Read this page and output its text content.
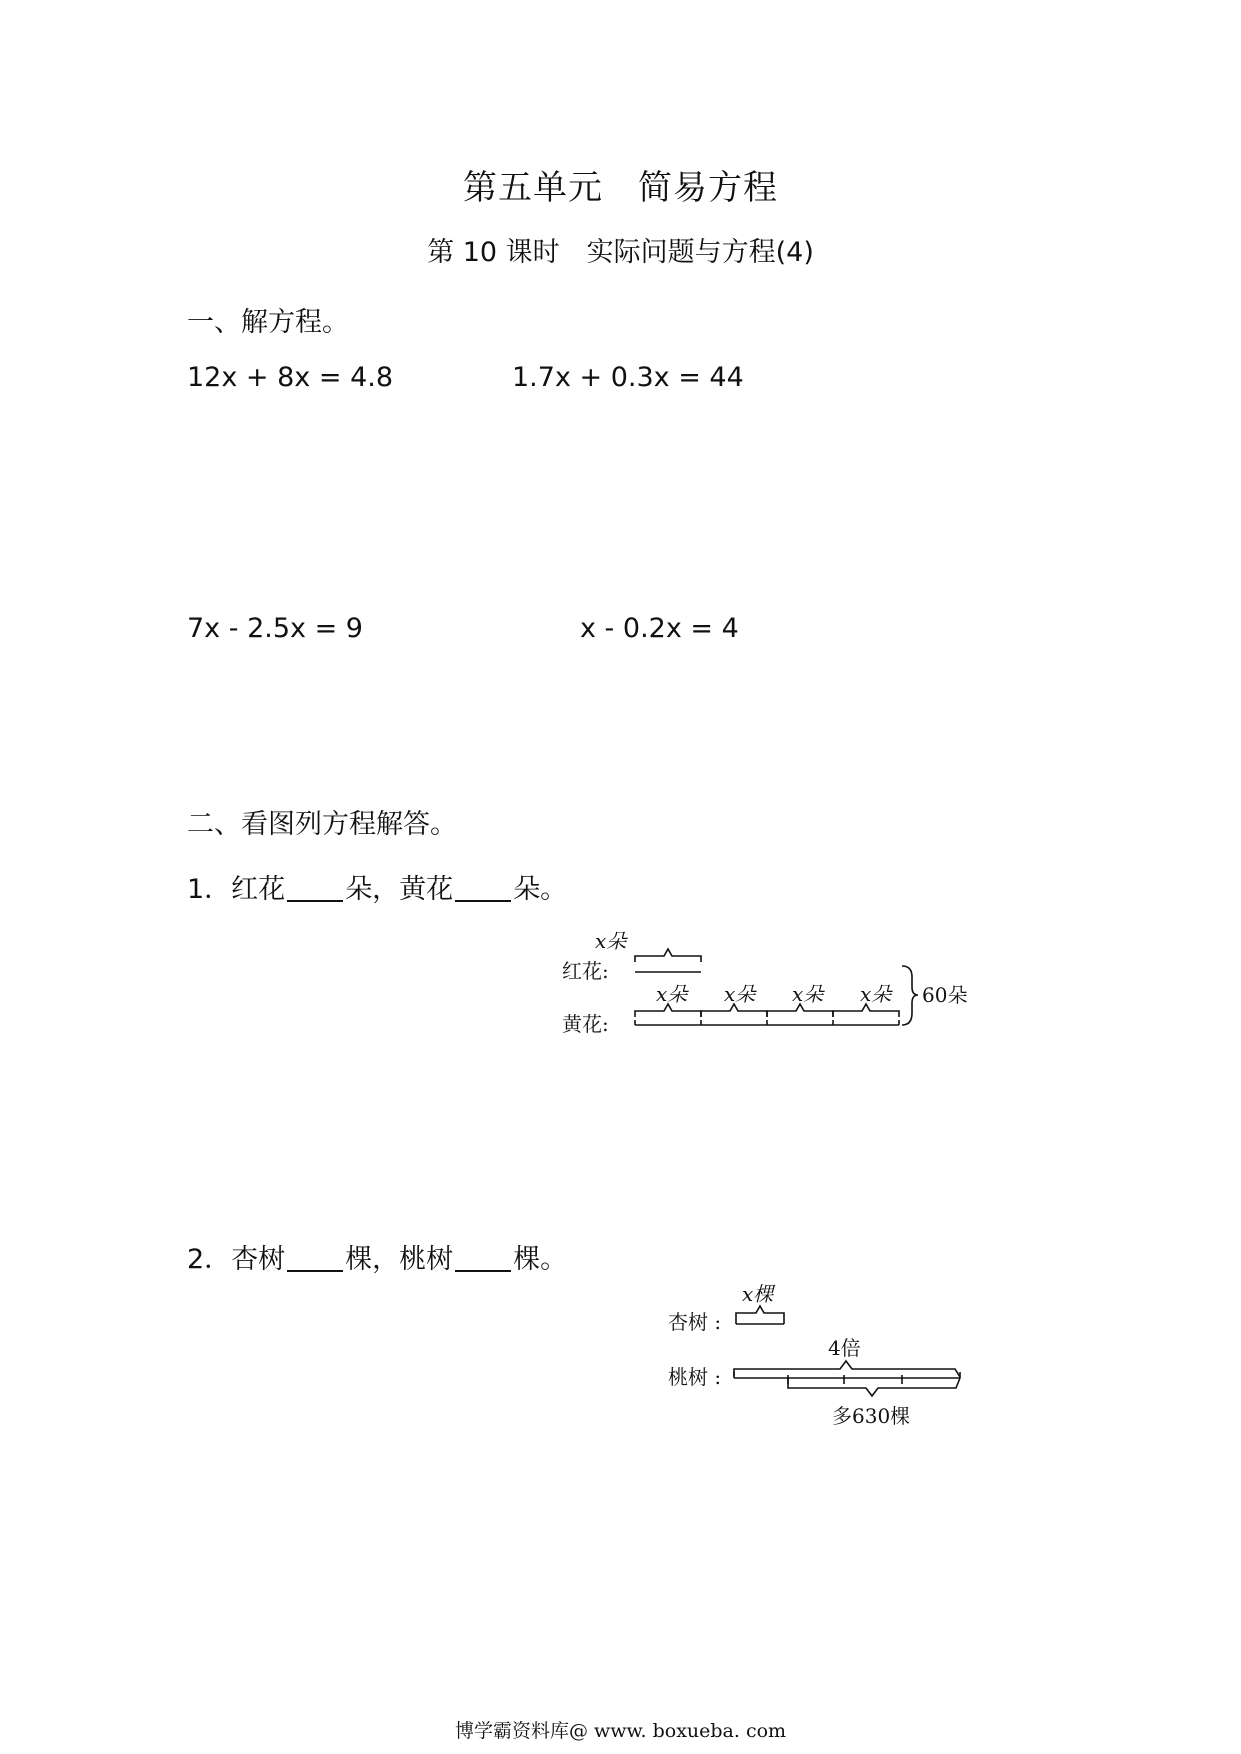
第五单元　简易方程
第 10 课时　实际问题与方程(4)
一、解方程。
12x + 8x = 4.8	1.7x + 0.3x = 44
7x - 2.5x = 9	x - 0.2x = 4
二、看图列方程解答。
1．红花 朵，黄花 朵。
x朵
红花:
x朵 x朵 x朵 x朵
黄花:
60朵
2．杏树 棵，桃树 棵。
x棵
杏树 :
4倍
桃树 :
多630棵
博学霸资料库@ www. boxueba. com
